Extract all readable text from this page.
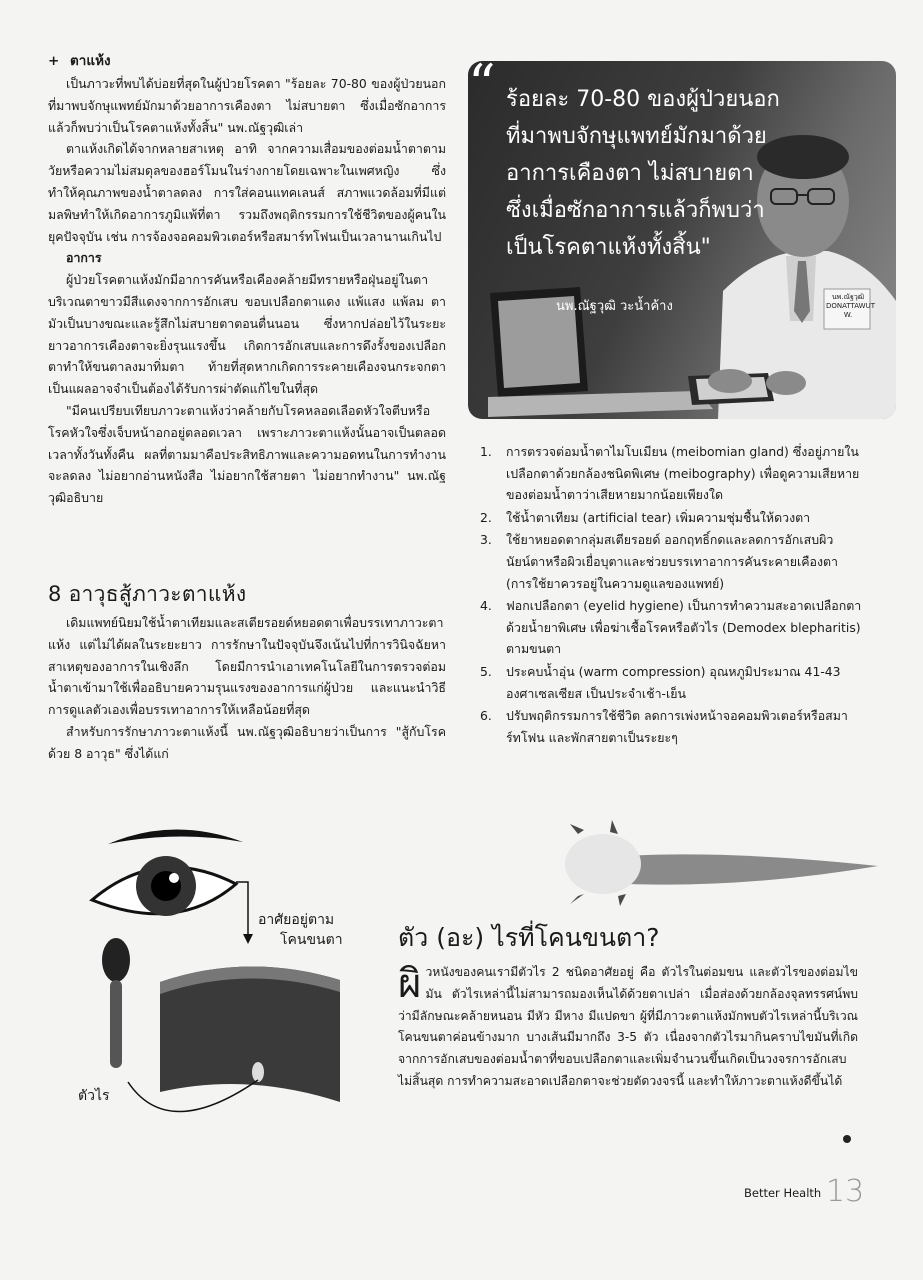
+ ตาแห้ง

เป็นภาวะที่พบได้บ่อยที่สุดในผู้ป่วยโรคตา "ร้อยละ 70-80 ของผู้ป่วยนอกที่มาพบจักษุแพทย์มักมาด้วยอาการเคืองตา ไม่สบายตา ซึ่งเมื่อซักอาการแล้วก็พบว่าเป็นโรคตาแห้งทั้งสิ้น" นพ.ณัฐวุฒิเล่า

ตาแห้งเกิดได้จากหลายสาเหตุ อาทิ จากความเสื่อมของต่อมน้ำตาตามวัยหรือความไม่สมดุลของฮอร์โมนในร่างกายโดยเฉพาะในเพศหญิง ซึ่งทำให้คุณภาพของน้ำตาลดลง การใส่คอนแทคเลนส์ สภาพแวดล้อมที่มีแต่มลพิษทำให้เกิดอาการภูมิแพ้ที่ตา รวมถึงพฤติกรรมการใช้ชีวิตของผู้คนในยุคปัจจุบัน เช่น การจ้องจอคอมพิวเตอร์หรือสมาร์ทโฟนเป็นเวลานานเกินไป

อาการ

ผู้ป่วยโรคตาแห้งมักมีอาการคันหรือเคืองคล้ายมีทรายหรือฝุ่นอยู่ในตา บริเวณตาขาวมีสีแดงจากการอักเสบ ขอบเปลือกตาแดง แพ้แสง แพ้ลม ตามัวเป็นบางขณะและรู้สึกไม่สบายตาตอนตื่นนอน ซึ่งหากปล่อยไว้ในระยะยาวอาการเคืองตาจะยิ่งรุนแรงขึ้น เกิดการอักเสบและการดึงรั้งของเปลือกตาทำให้ขนตาลงมาทิ่มตา ท้ายที่สุดหากเกิดการระคายเคืองจนกระจกตาเป็นแผลอาจจำเป็นต้องได้รับการผ่าตัดแก้ไขในที่สุด

"มีคนเปรียบเทียบภาวะตาแห้งว่าคล้ายกับโรคหลอดเลือดหัวใจตีบหรือโรคหัวใจซึ่งเจ็บหน้าอกอยู่ตลอดเวลา เพราะภาวะตาแห้งนั้นอาจเป็นตลอดเวลาทั้งวันทั้งคืน ผลที่ตามมาคือประสิทธิภาพและความอดทนในการทำงานจะลดลง ไม่อยากอ่านหนังสือ ไม่อยากใช้สายตา ไม่อยากทำงาน" นพ.ณัฐวุฒิอธิบาย

8 อาวุธสู้ภาวะตาแห้ง

เดิมแพทย์นิยมใช้น้ำตาเทียมและสเตียรอยด์หยอดตาเพื่อบรรเทาภาวะตาแห้ง แต่ไม่ได้ผลในระยะยาว การรักษาในปัจจุบันจึงเน้นไปที่การวินิจฉัยหาสาเหตุของอาการในเชิงลึก โดยมีการนำเอาเทคโนโลยีในการตรวจต่อมน้ำตาเข้ามาใช้เพื่ออธิบายความรุนแรงของอาการแก่ผู้ป่วย และแนะนำวิธีการดูแลตัวเองเพื่อบรรเทาอาการให้เหลือน้อยที่สุด

สำหรับการรักษาภาวะตาแห้งนี้ นพ.ณัฐวุฒิอธิบายว่าเป็นการ "สู้กับโรคด้วย 8 อาวุธ" ซึ่งได้แก่

“ ร้อยละ 70-80 ของผู้ป่วยนอก
ที่มาพบจักษุแพทย์มักมาด้วย
อาการเคืองตา ไม่สบายตา
ซึ่งเมื่อซักอาการแล้วก็พบว่า
เป็นโรคตาแห้งทั้งสิ้น"
นพ.ณัฐวุฒิ วะน้ำค้าง
นพ.ณัฐวุฒิ
DONATTAWUT W.
1. การตรวจต่อมน้ำตาไมโบเมียน (meibomian gland) ซึ่งอยู่ภายในเปลือกตาด้วยกล้องชนิดพิเศษ (meibography) เพื่อดูความเสียหายของต่อมน้ำตาว่าเสียหายมากน้อยเพียงใด
2. ใช้น้ำตาเทียม (artificial tear) เพิ่มความชุ่มชื้นให้ดวงตา
3. ใช้ยาหยอดตากลุ่มสเตียรอยด์ ออกฤทธิ์กดและลดการอักเสบผิวนัยน์ตาหรือผิวเยื่อบุตาและช่วยบรรเทาอาการคันระคายเคืองตา (การใช้ยาควรอยู่ในความดูแลของแพทย์)
4. ฟอกเปลือกตา (eyelid hygiene) เป็นการทำความสะอาดเปลือกตาด้วยน้ำยาพิเศษ เพื่อฆ่าเชื้อโรคหรือตัวไร (Demodex blepharitis) ตามขนตา
5. ประคบน้ำอุ่น (warm compression) อุณหภูมิประมาณ 41-43 องศาเซลเซียส เป็นประจำเช้า-เย็น
6. ปรับพฤติกรรมการใช้ชีวิต ลดการเพ่งหน้าจอคอมพิวเตอร์หรือสมาร์ทโฟน และพักสายตาเป็นระยะๆ
อาศัยอยู่ตาม
โคนขนตา
ตัวไร
ตัว (อะ) ไรที่โคนขนตา?
ผิ วหนังของคนเรามีตัวไร 2 ชนิดอาศัยอยู่ คือ ตัวไรในต่อมขน และตัวไรของต่อมไขมัน ตัวไรเหล่านี้ไม่สามารถมองเห็นได้ด้วยตาเปล่า เมื่อส่องด้วยกล้องจุลทรรศน์พบว่ามีลักษณะคล้ายหนอน มีหัว มีหาง มีแปดขา ผู้ที่มีภาวะตาแห้งมักพบตัวไรเหล่านี้บริเวณโคนขนตาค่อนข้างมาก บางเส้นมีมากถึง 3-5 ตัว เนื่องจากตัวไรมากินคราบไขมันที่เกิดจากการอักเสบของต่อมน้ำตาที่ขอบเปลือกตาและเพิ่มจำนวนขึ้นเกิดเป็นวงจรการอักเสบไม่สิ้นสุด การทำความสะอาดเปลือกตาจะช่วยตัดวงจรนี้ และทำให้ภาวะตาแห้งดีขึ้นได้
Better Health 13
